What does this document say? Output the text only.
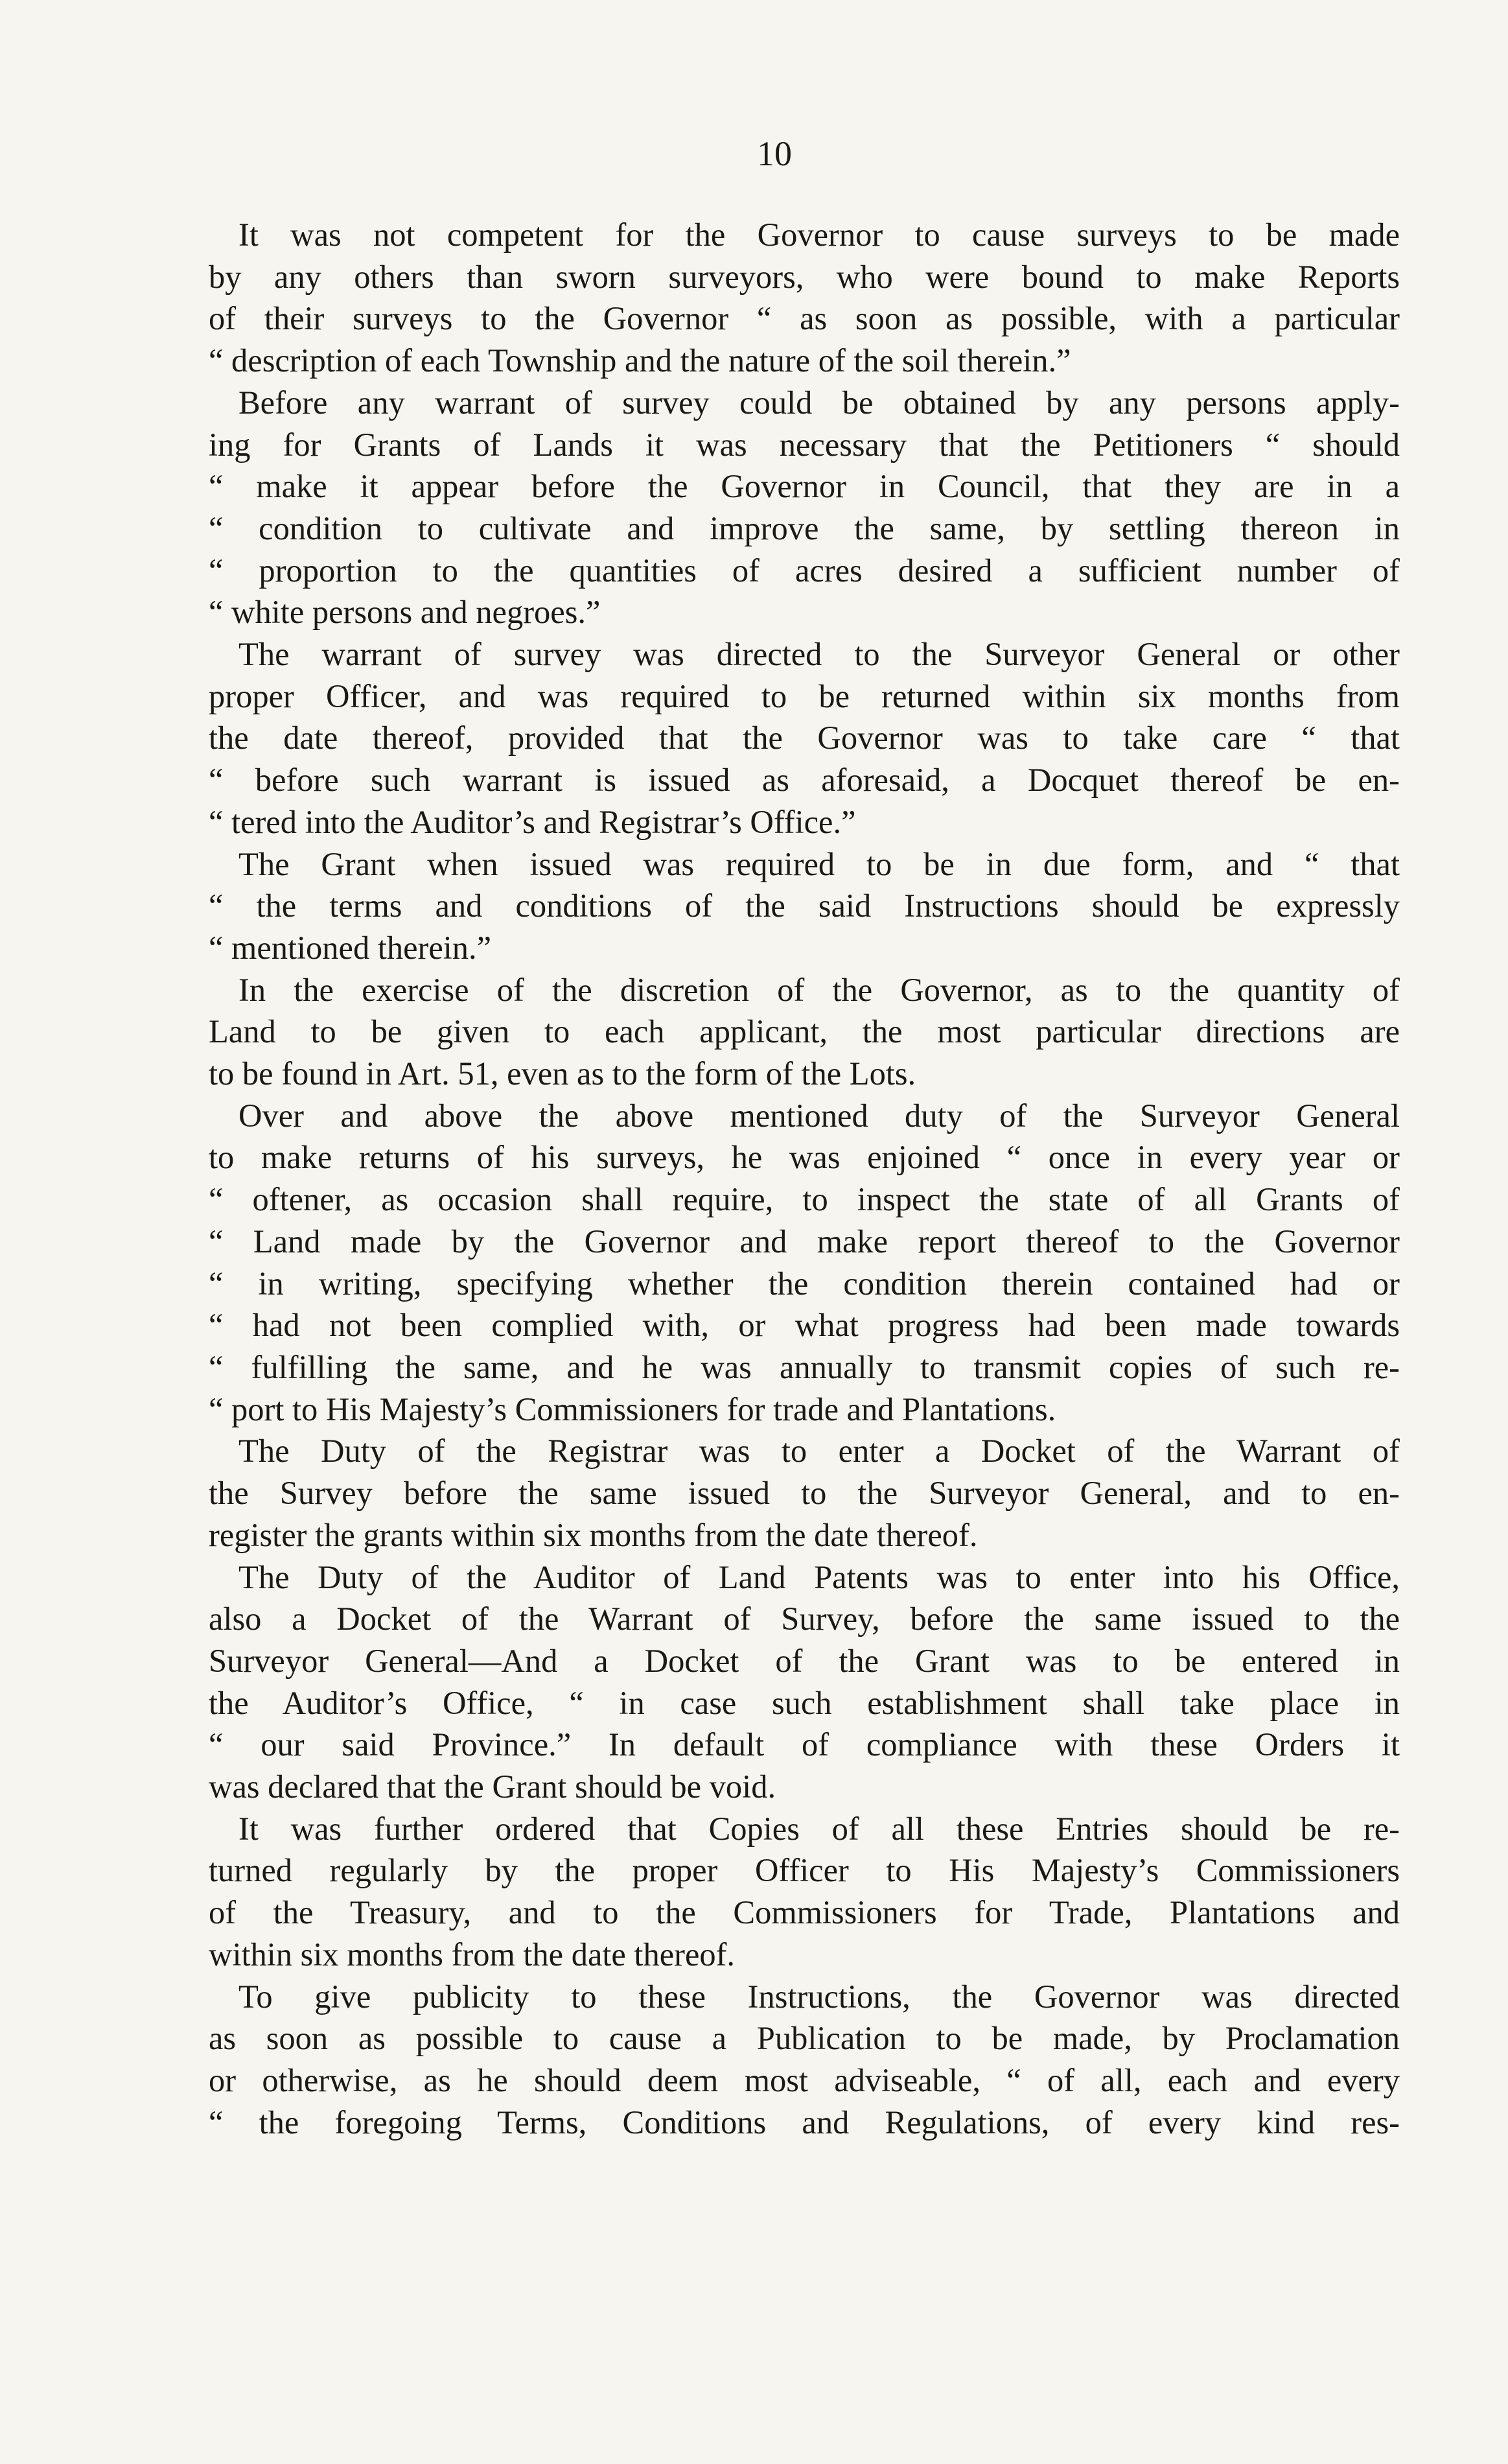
10
It was not competent for the Governor to cause surveys to be made
by any others than sworn surveyors, who were bound to make Reports
of their surveys to the Governor “ as soon as possible, with a particular
“ description of each Township and the nature of the soil therein.”
Before any warrant of survey could be obtained by any persons apply-
ing for Grants of Lands it was necessary that the Petitioners “ should
“ make it appear before the Governor in Council, that they are in a
“ condition to cultivate and improve the same, by settling thereon in
“ proportion to the quantities of acres desired a sufficient number of
“ white persons and negroes.”
The warrant of survey was directed to the Surveyor General or other
proper Officer, and was required to be returned within six months from
the date thereof, provided that the Governor was to take care “ that
“ before such warrant is issued as aforesaid, a Docquet thereof be en-
“ tered into the Auditor’s and Registrar’s Office.”
The Grant when issued was required to be in due form, and “ that
“ the terms and conditions of the said Instructions should be expressly
“ mentioned therein.”
In the exercise of the discretion of the Governor, as to the quantity of
Land to be given to each applicant, the most particular directions are
to be found in Art. 51, even as to the form of the Lots.
Over and above the above mentioned duty of the Surveyor General
to make returns of his surveys, he was enjoined “ once in every year or
“ oftener, as occasion shall require, to inspect the state of all Grants of
“ Land made by the Governor and make report thereof to the Governor
“ in writing, specifying whether the condition therein contained had or
“ had not been complied with, or what progress had been made towards
“ fulfilling the same, and he was annually to transmit copies of such re-
“ port to His Majesty’s Commissioners for trade and Plantations.
The Duty of the Registrar was to enter a Docket of the Warrant of
the Survey before the same issued to the Surveyor General, and to en-
register the grants within six months from the date thereof.
The Duty of the Auditor of Land Patents was to enter into his Office,
also a Docket of the Warrant of Survey, before the same issued to the
Surveyor General—And a Docket of the Grant was to be entered in
the Auditor’s Office, “ in case such establishment shall take place in
“ our said Province.” In default of compliance with these Orders it
was declared that the Grant should be void.
It was further ordered that Copies of all these Entries should be re-
turned regularly by the proper Officer to His Majesty’s Commissioners
of the Treasury, and to the Commissioners for Trade, Plantations and
within six months from the date thereof.
To give publicity to these Instructions, the Governor was directed
as soon as possible to cause a Publication to be made, by Proclamation
or otherwise, as he should deem most adviseable, “ of all, each and every
“ the foregoing Terms, Conditions and Regulations, of every kind res-
